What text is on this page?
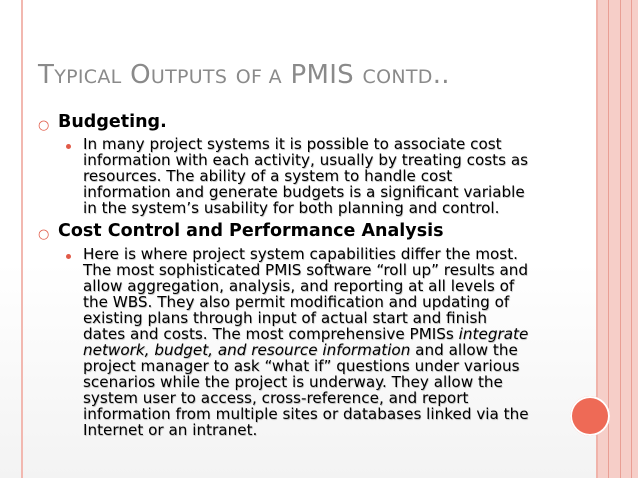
TYPICAL OUTPUTS OF A PMIS CONTD..
○ Budgeting.

In many project systems it is possible to associate cost

information with each activity, usually by treating costs as

resources. The ability of a system to handle cost

information and generate budgets is a significant variable

in the system’s usability for both planning and control.

○ Cost Control and Performance Analysis

Here is where project system capabilities differ the most.

The most sophisticated PMIS software “roll up” results and

allow aggregation, analysis, and reporting at all levels of

the WBS. They also permit modification and updating of

existing plans through input of actual start and finish

dates and costs. The most comprehensive PMISs integrate

network, budget, and resource information and allow the

project manager to ask “what if” questions under various

scenarios while the project is underway. They allow the

system user to access, cross-reference, and report

information from multiple sites or databases linked via the

Internet or an intranet.
